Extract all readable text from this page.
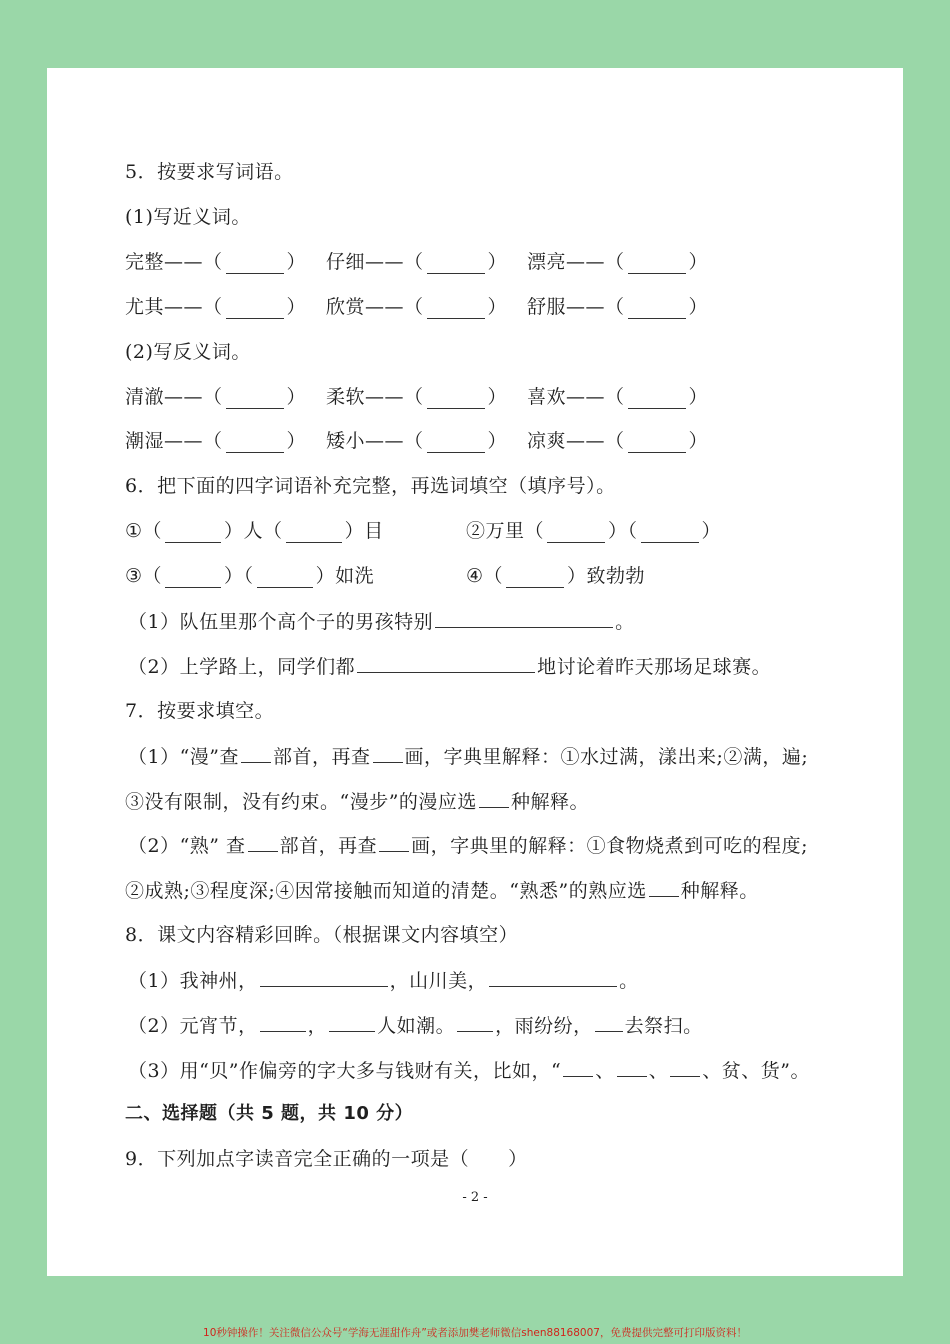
5．按要求写词语。
(1)写近义词。
完整——（	） 仔细——（	） 漂亮——（	）
尤其——（	） 欣赏——（	） 舒服——（	）
(2)写反义词。
清澈——（	） 柔软——（	） 喜欢——（	）
潮湿——（	） 矮小——（	） 凉爽——（	）
6．把下面的四字词语补充完整，再选词填空（填序号）。
①（	）人（	）目	②万里（	）（	）
③（	）（	）如洗	④（	）致勃勃
（1）队伍里那个高个子的男孩特别	。
（2）上学路上，同学们都	地讨论着昨天那场足球赛。
7．按要求填空。
（1）“漫”查 部首，再查 画，字典里解释：①水过满，漾出来;②满，遍;
③没有限制，没有约束。“漫步”的漫应选 种解释。
（2）“熟” 查 部首，再查 画，字典里的解释：①食物烧煮到可吃的程度;
②成熟;③程度深;④因常接触而知道的清楚。“熟悉”的熟应选 种解释。
8．课文内容精彩回眸。（根据课文内容填空）
（1）我神州，	，山川美，	。
（2）元宵节，	，	人如潮。 ，雨纷纷， 去祭扫。
（3）用“贝”作偏旁的字大多与钱财有关，比如，“ 、 、 、贫、货”。
二、选择题（共 5 题，共 10 分）
9．下列加点字读音完全正确的一项是（　　）
- 2 -
10秒钟操作！关注微信公众号“学海无涯甜作舟”或者添加樊老师微信shen88168007，免费提供完整可打印版资料！
